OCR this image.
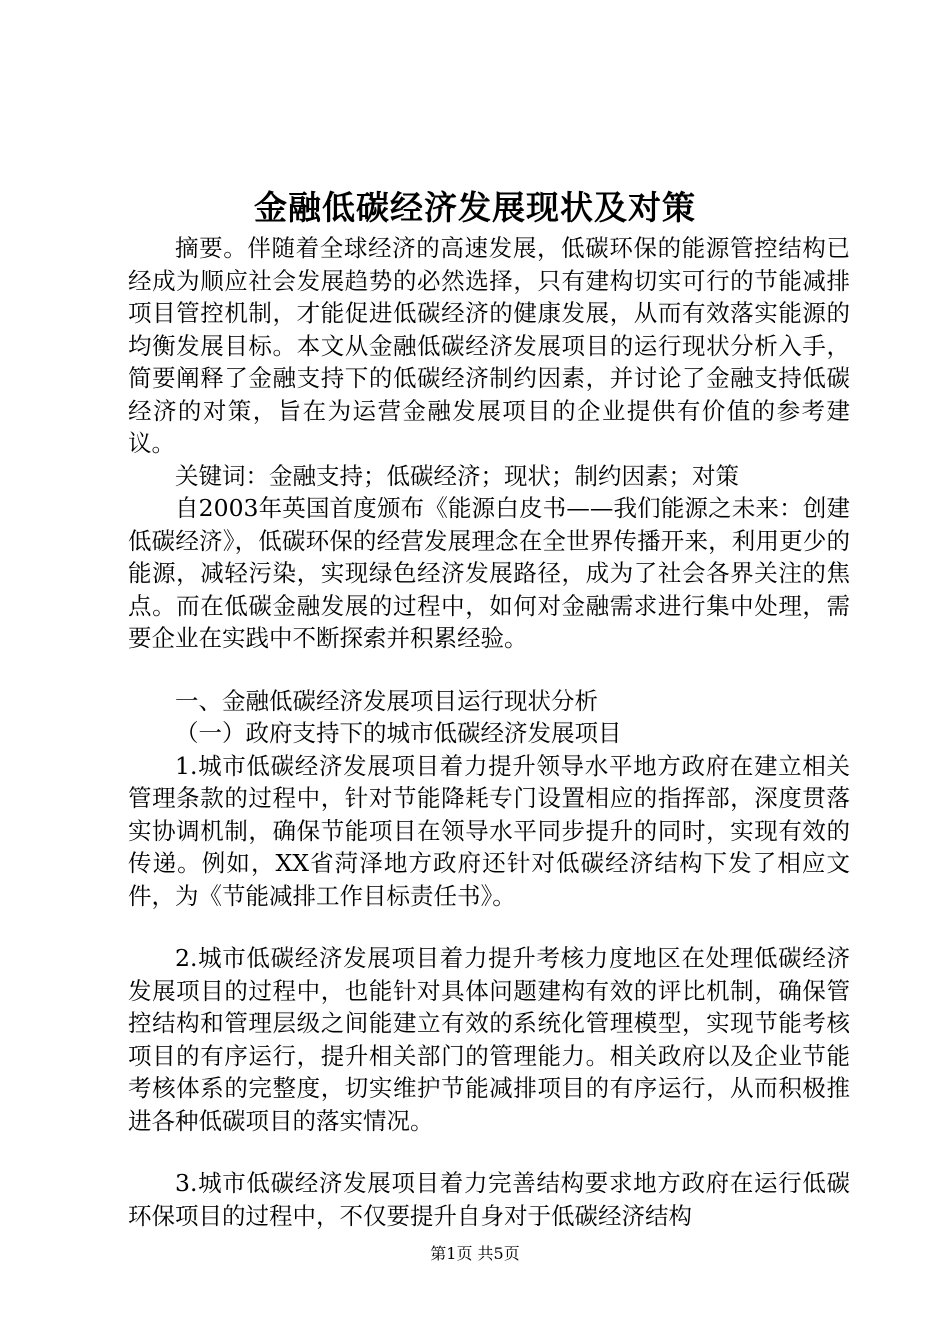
金融低碳经济发展现状及对策

摘要。伴随着全球经济的高速发展，低碳环保的能源管控结构已经成为顺应社会发展趋势的必然选择，只有建构切实可行的节能减排项目管控机制，才能促进低碳经济的健康发展，从而有效落实能源的均衡发展目标。本文从金融低碳经济发展项目的运行现状分析入手，简要阐释了金融支持下的低碳经济制约因素，并讨论了金融支持低碳经济的对策，旨在为运营金融发展项目的企业提供有价值的参考建议。

关键词：金融支持；低碳经济；现状；制约因素；对策

自2003年英国首度颁布《能源白皮书——我们能源之未来：创建低碳经济》，低碳环保的经营发展理念在全世界传播开来，利用更少的能源，减轻污染，实现绿色经济发展路径，成为了社会各界关注的焦点。而在低碳金融发展的过程中，如何对金融需求进行集中处理，需要企业在实践中不断探索并积累经验。

一、金融低碳经济发展项目运行现状分析

（一）政府支持下的城市低碳经济发展项目

1.城市低碳经济发展项目着力提升领导水平地方政府在建立相关管理条款的过程中，针对节能降耗专门设置相应的指挥部，深度贯落实协调机制，确保节能项目在领导水平同步提升的同时，实现有效的传递。例如，XX省菏泽地方政府还针对低碳经济结构下发了相应文件，为《节能减排工作目标责任书》。

2.城市低碳经济发展项目着力提升考核力度地区在处理低碳经济发展项目的过程中，也能针对具体问题建构有效的评比机制，确保管控结构和管理层级之间能建立有效的系统化管理模型，实现节能考核项目的有序运行，提升相关部门的管理能力。相关政府以及企业节能考核体系的完整度，切实维护节能减排项目的有序运行，从而积极推进各种低碳项目的落实情况。

3.城市低碳经济发展项目着力完善结构要求地方政府在运行低碳环保项目的过程中，不仅要提升自身对于低碳经济结构

第1页 共5页
